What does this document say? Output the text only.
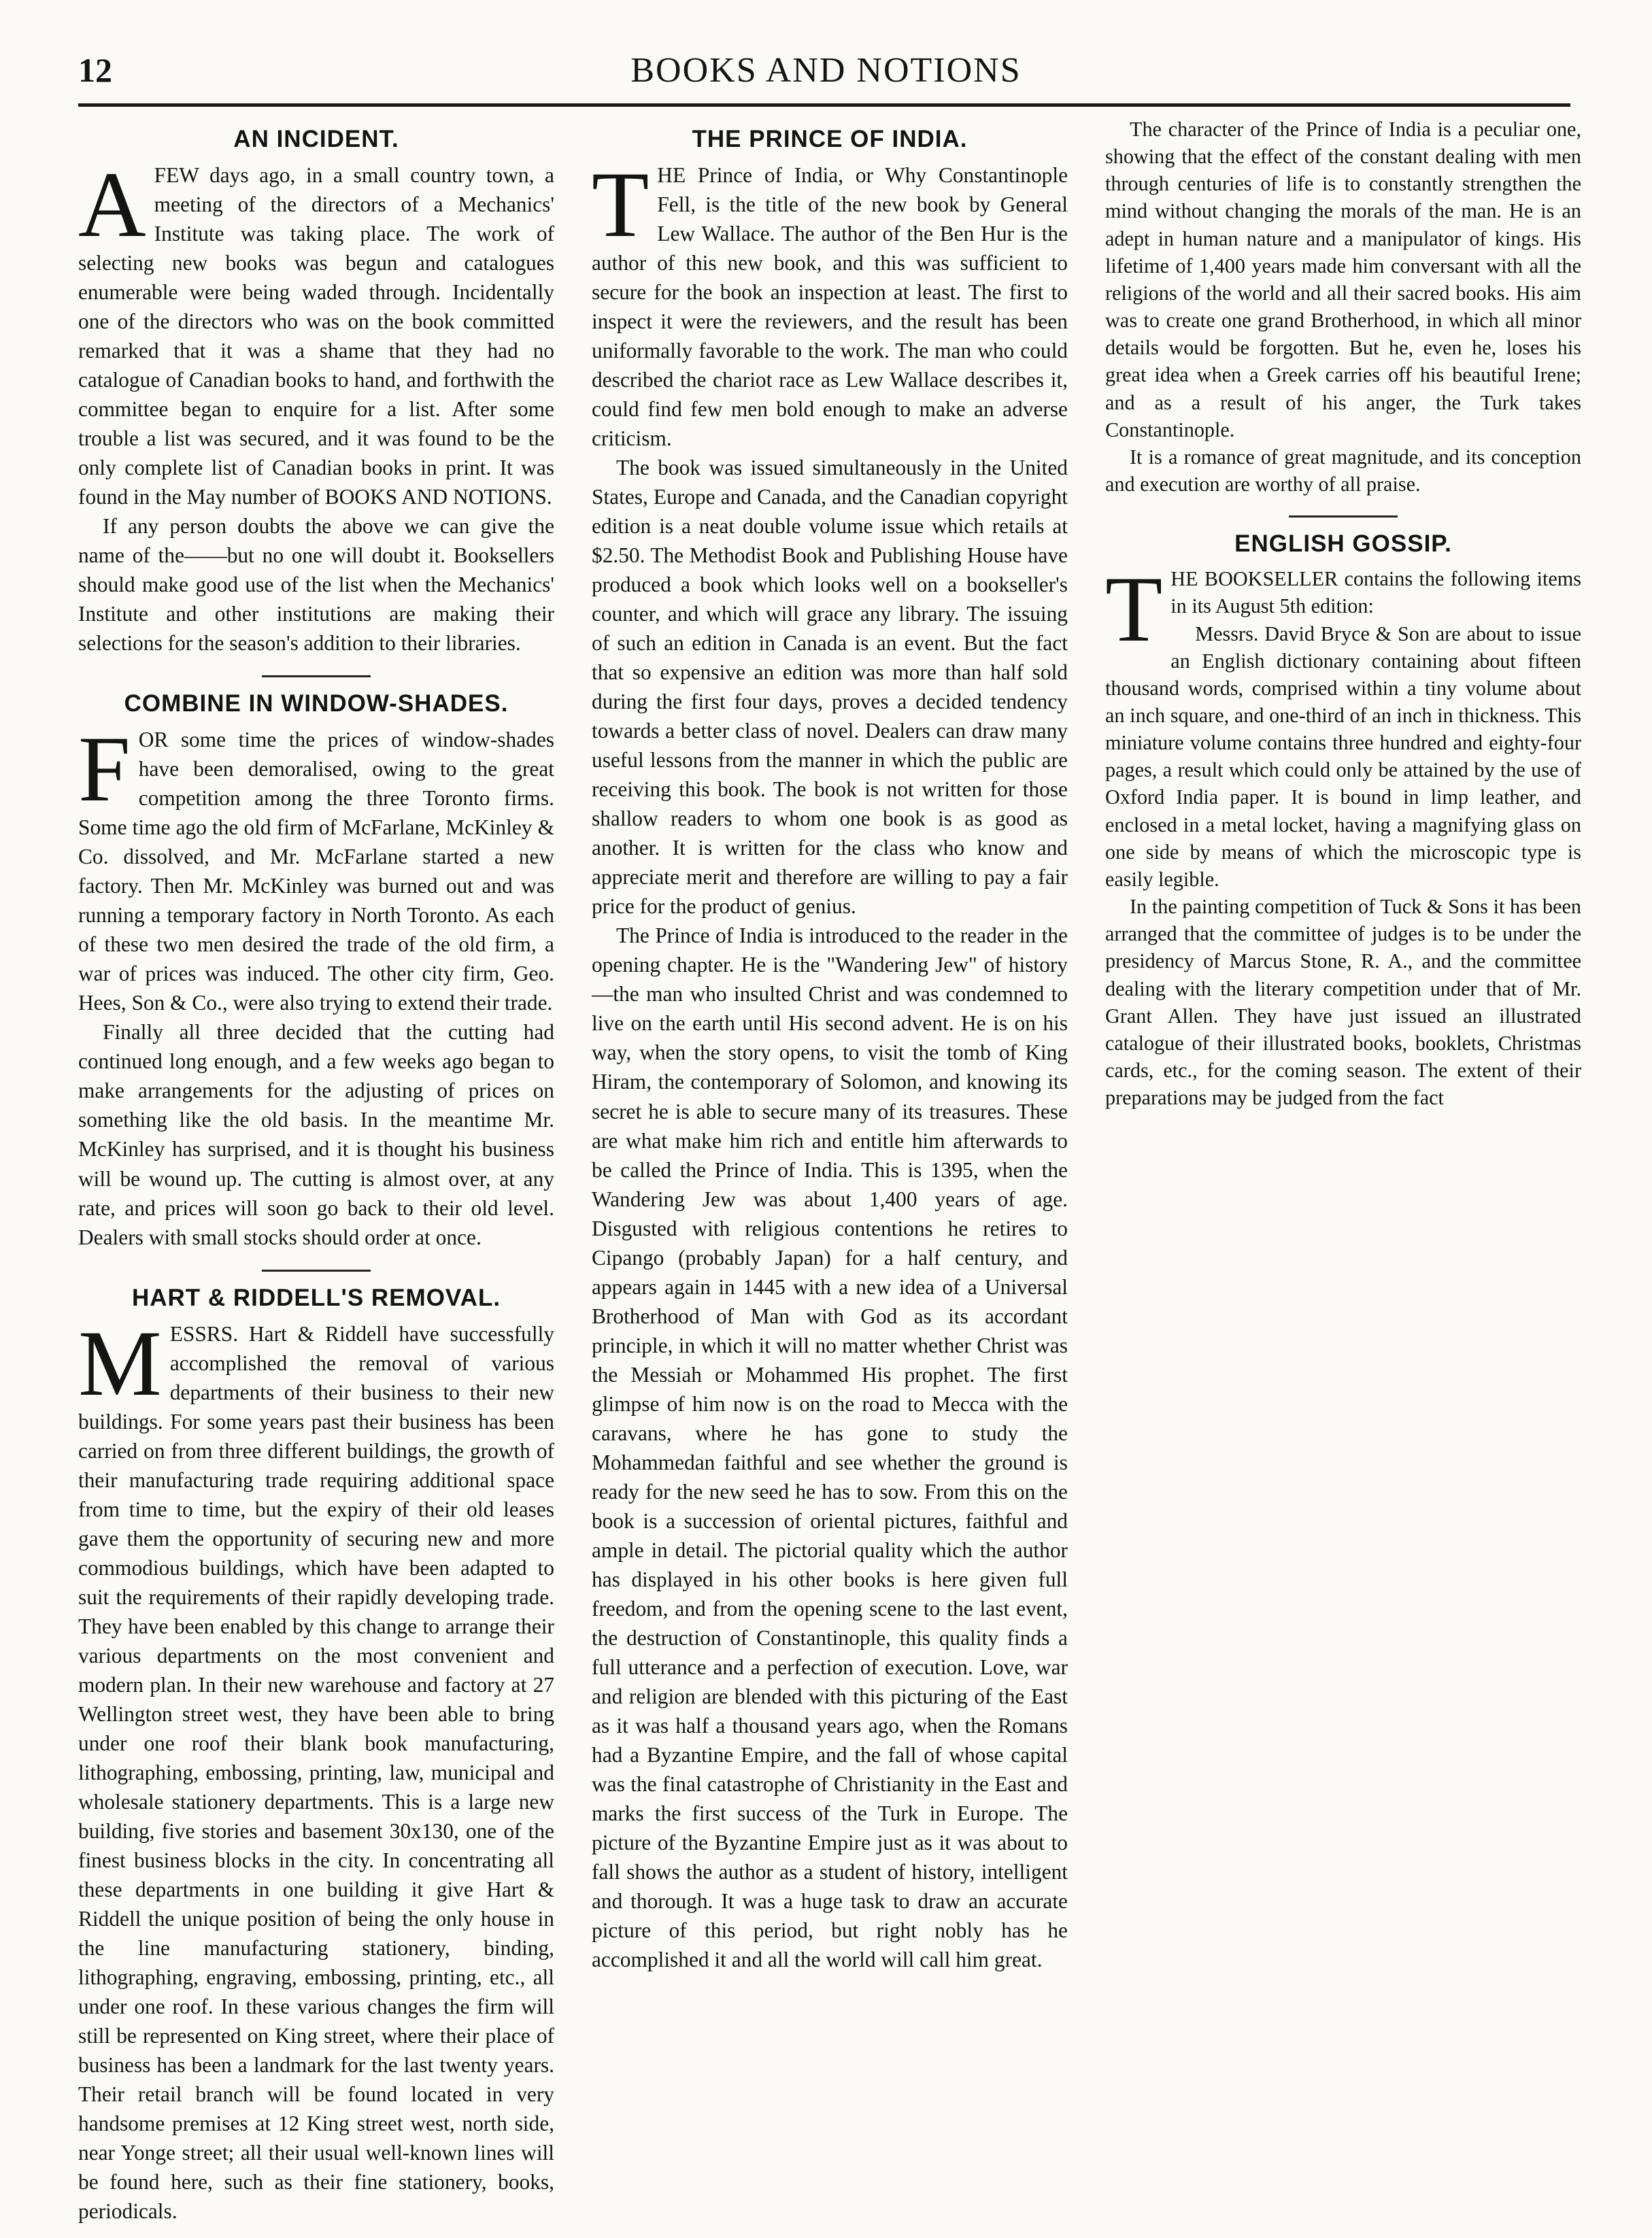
12	BOOKS AND NOTIONS
AN INCIDENT.

AFEW days ago, in a small country town, a meeting of the directors of a Mechanics' Institute was taking place. The work of selecting new books was begun and catalogues enumerable were being waded through. Incidentally one of the directors who was on the book committed remarked that it was a shame that they had no catalogue of Canadian books to hand, and forthwith the committee began to enquire for a list. After some trouble a list was secured, and it was found to be the only complete list of Canadian books in print. It was found in the May number of BOOKS AND NOTIONS.

If any person doubts the above we can give the name of the——but no one will doubt it. Booksellers should make good use of the list when the Mechanics' Institute and other institutions are making their selections for the season's addition to their libraries.

COMBINE IN WINDOW-SHADES.

FOR some time the prices of window-shades have been demoralised, owing to the great competition among the three Toronto firms. Some time ago the old firm of McFarlane, McKinley & Co. dissolved, and Mr. McFarlane started a new factory. Then Mr. McKinley was burned out and was running a temporary factory in North Toronto. As each of these two men desired the trade of the old firm, a war of prices was induced. The other city firm, Geo. Hees, Son & Co., were also trying to extend their trade.

Finally all three decided that the cutting had continued long enough, and a few weeks ago began to make arrangements for the adjusting of prices on something like the old basis. In the meantime Mr. McKinley has surprised, and it is thought his business will be wound up. The cutting is almost over, at any rate, and prices will soon go back to their old level. Dealers with small stocks should order at once.

HART & RIDDELL'S REMOVAL.

MESSRS. Hart & Riddell have successfully accomplished the removal of various departments of their business to their new buildings. For some years past their business has been carried on from three different buildings, the growth of their manufacturing trade requiring additional space from time to time, but the expiry of their old leases gave them the opportunity of securing new and more commodious buildings, which have been adapted to suit the requirements of their rapidly developing trade. They have been enabled by this change to arrange their various departments on the most convenient and modern plan. In their new warehouse and factory at 27 Wellington street west, they have been able to bring under one roof their blank book manufacturing, lithographing, embossing, printing, law, municipal and wholesale stationery departments. This is a large new building, five stories and basement 30x130, one of the finest business blocks in the city. In concentrating all these departments in one building it give Hart & Riddell the unique position of being the only house in the line manufacturing stationery, binding, lithographing, engraving, embossing, printing, etc., all under one roof. In these various changes the firm will still be represented on King street, where their place of business has been a landmark for the last twenty years. Their retail branch will be found located in very handsome premises at 12 King street west, north side, near Yonge street; all their usual well-known lines will be found here, such as their fine stationery, books, periodicals.

THE PRINCE OF INDIA.

THE Prince of India, or Why Constantinople Fell, is the title of the new book by General Lew Wallace. The author of the Ben Hur is the author of this new book, and this was sufficient to secure for the book an inspection at least. The first to inspect it were the reviewers, and the result has been uniformally favorable to the work. The man who could described the chariot race as Lew Wallace describes it, could find few men bold enough to make an adverse criticism.

The book was issued simultaneously in the United States, Europe and Canada, and the Canadian copyright edition is a neat double volume issue which retails at $2.50. The Methodist Book and Publishing House have produced a book which looks well on a bookseller's counter, and which will grace any library. The issuing of such an edition in Canada is an event. But the fact that so expensive an edition was more than half sold during the first four days, proves a decided tendency towards a better class of novel. Dealers can draw many useful lessons from the manner in which the public are receiving this book. The book is not written for those shallow readers to whom one book is as good as another. It is written for the class who know and appreciate merit and therefore are willing to pay a fair price for the product of genius.

The Prince of India is introduced to the reader in the opening chapter. He is the "Wandering Jew" of history—the man who insulted Christ and was condemned to live on the earth until His second advent. He is on his way, when the story opens, to visit the tomb of King Hiram, the contemporary of Solomon, and knowing its secret he is able to secure many of its treasures. These are what make him rich and entitle him afterwards to be called the Prince of India. This is 1395, when the Wandering Jew was about 1,400 years of age. Disgusted with religious contentions he retires to Cipango (probably Japan) for a half century, and appears again in 1445 with a new idea of a Universal Brotherhood of Man with God as its accordant principle, in which it will no matter whether Christ was the Messiah or Mohammed His prophet. The first glimpse of him now is on the road to Mecca with the caravans, where he has gone to study the Mohammedan faithful and see whether the ground is ready for the new seed he has to sow. From this on the book is a succession of oriental pictures, faithful and ample in detail. The pictorial quality which the author has displayed in his other books is here given full freedom, and from the opening scene to the last event, the destruction of Constantinople, this quality finds a full utterance and a perfection of execution. Love, war and religion are blended with this picturing of the East as it was half a thousand years ago, when the Romans had a Byzantine Empire, and the fall of whose capital was the final catastrophe of Christianity in the East and marks the first success of the Turk in Europe. The picture of the Byzantine Empire just as it was about to fall shows the author as a student of history, intelligent and thorough. It was a huge task to draw an accurate picture of this period, but right nobly has he accomplished it and all the world will call him great.

The character of the Prince of India is a peculiar one, showing that the effect of the constant dealing with men through centuries of life is to constantly strengthen the mind without changing the morals of the man. He is an adept in human nature and a manipulator of kings. His lifetime of 1,400 years made him conversant with all the religions of the world and all their sacred books. His aim was to create one grand Brotherhood, in which all minor details would be forgotten. But he, even he, loses his great idea when a Greek carries off his beautiful Irene; and as a result of his anger, the Turk takes Constantinople.

It is a romance of great magnitude, and its conception and execution are worthy of all praise.

ENGLISH GOSSIP.

THE BOOKSELLER contains the following items in its August 5th edition:

Messrs. David Bryce & Son are about to issue an English dictionary containing about fifteen thousand words, comprised within a tiny volume about an inch square, and one-third of an inch in thickness. This miniature volume contains three hundred and eighty-four pages, a result which could only be attained by the use of Oxford India paper. It is bound in limp leather, and enclosed in a metal locket, having a magnifying glass on one side by means of which the microscopic type is easily legible.

In the painting competition of Tuck & Sons it has been arranged that the committee of judges is to be under the presidency of Marcus Stone, R. A., and the committee dealing with the literary competition under that of Mr. Grant Allen. They have just issued an illustrated catalogue of their illustrated books, booklets, Christmas cards, etc., for the coming season. The extent of their preparations may be judged from the fact
